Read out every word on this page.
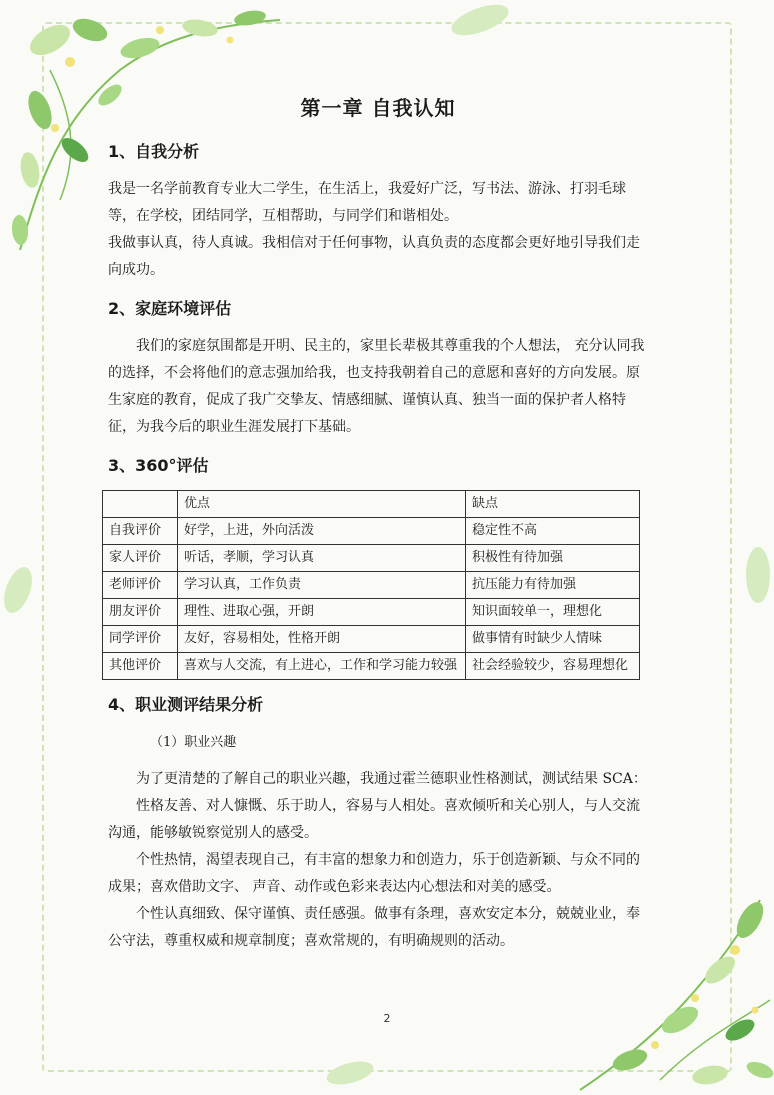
第一章 自我认知
1、自我分析

我是一名学前教育专业大二学生，在生活上，我爱好广泛，写书法、游泳、打羽毛球等，在学校，团结同学，互相帮助，与同学们和谐相处。

我做事认真，待人真诚。我相信对于任何事物，认真负责的态度都会更好地引导我们走向成功。

2、家庭环境评估

我们的家庭氛围都是开明、民主的，家里长辈极其尊重我的个人想法， 充分认同我的选择，不会将他们的意志强加给我，也支持我朝着自己的意愿和喜好的方向发展。原生家庭的教育，促成了我广交挚友、情感细腻、谨慎认真、独当一面的保护者人格特征，为我今后的职业生涯发展打下基础。

3、360°评估
	优点	缺点
自我评价	好学，上进，外向活泼	稳定性不高
家人评价	听话，孝顺，学习认真	积极性有待加强
老师评价	学习认真，工作负责	抗压能力有待加强
朋友评价	理性、进取心强，开朗	知识面较单一，理想化
同学评价	友好，容易相处，性格开朗	做事情有时缺少人情味
其他评价	喜欢与人交流，有上进心，工作和学习能力较强	社会经验较少，容易理想化
4、职业测评结果分析

（1）职业兴趣

为了更清楚的了解自己的职业兴趣，我通过霍兰德职业性格测试，测试结果 SCA：

性格友善、对人慷慨、乐于助人，容易与人相处。喜欢倾听和关心别人，与人交流沟通，能够敏锐察觉别人的感受。

个性热情，渴望表现自己，有丰富的想象力和创造力，乐于创造新颖、与众不同的成果；喜欢借助文字、 声音、动作或色彩来表达内心想法和对美的感受。

个性认真细致、保守谨慎、责任感强。做事有条理，喜欢安定本分，兢兢业业，奉公守法，尊重权威和规章制度；喜欢常规的，有明确规则的活动。

2
